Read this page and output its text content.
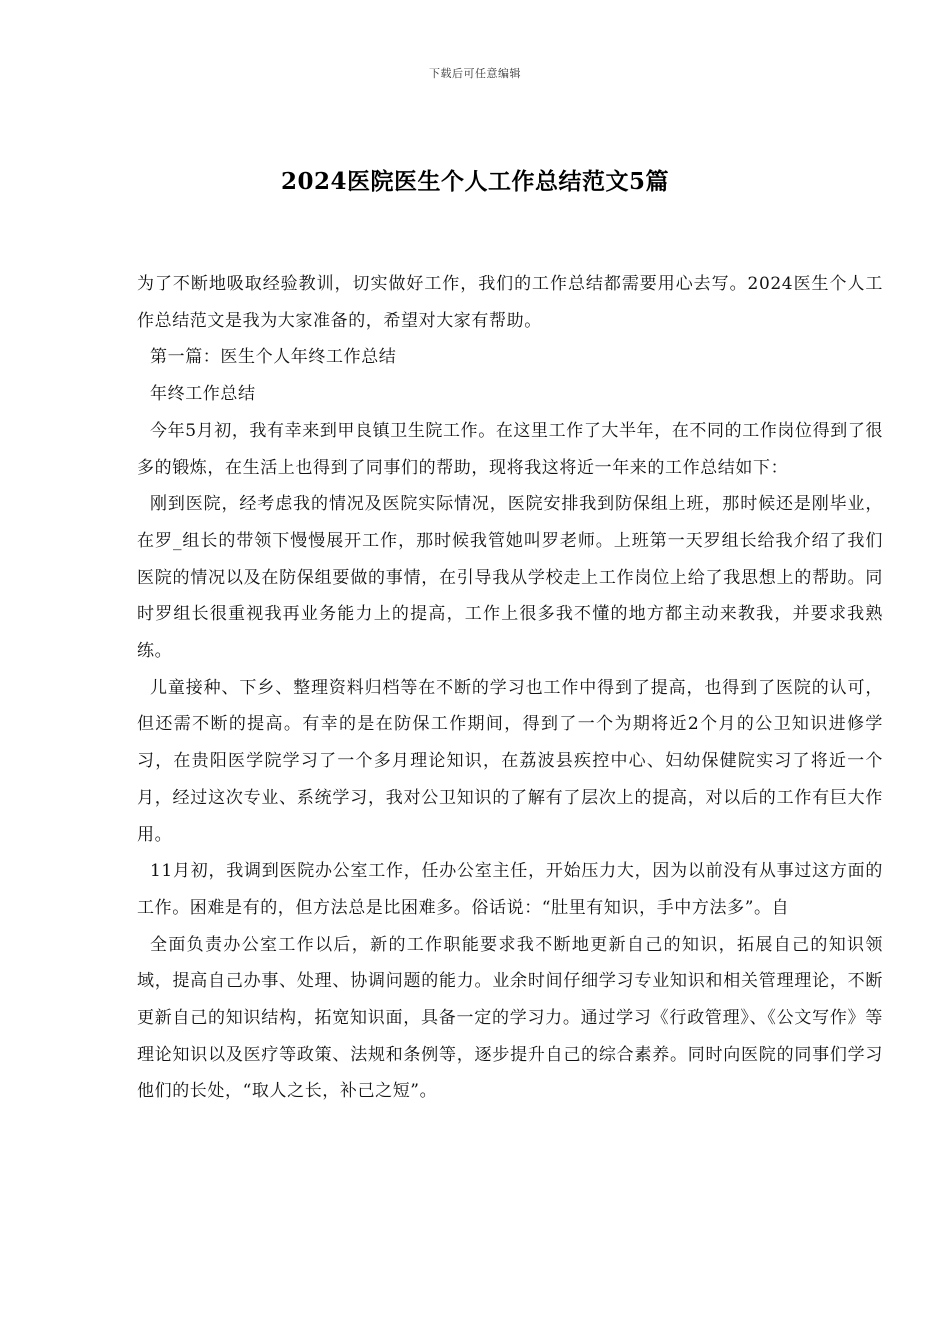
下载后可任意编辑
2024医院医生个人工作总结范文5篇

为了不断地吸取经验教训，切实做好工作，我们的工作总结都需要用心去写。2024医生个人工作总结范文是我为大家准备的，希望对大家有帮助。

第一篇：医生个人年终工作总结

年终工作总结

今年5月初，我有幸来到甲良镇卫生院工作。在这里工作了大半年，在不同的工作岗位得到了很多的锻炼，在生活上也得到了同事们的帮助，现将我这将近一年来的工作总结如下：

刚到医院，经考虑我的情况及医院实际情况，医院安排我到防保组上班，那时候还是刚毕业，在罗_组长的带领下慢慢展开工作，那时候我管她叫罗老师。上班第一天罗组长给我介绍了我们医院的情况以及在防保组要做的事情，在引导我从学校走上工作岗位上给了我思想上的帮助。同时罗组长很重视我再业务能力上的提高，工作上很多我不懂的地方都主动来教我，并要求我熟练。

儿童接种、下乡、整理资料归档等在不断的学习也工作中得到了提高，也得到了医院的认可，但还需不断的提高。有幸的是在防保工作期间，得到了一个为期将近2个月的公卫知识进修学习，在贵阳医学院学习了一个多月理论知识，在荔波县疾控中心、妇幼保健院实习了将近一个月，经过这次专业、系统学习，我对公卫知识的了解有了层次上的提高，对以后的工作有巨大作用。

11月初，我调到医院办公室工作，任办公室主任，开始压力大，因为以前没有从事过这方面的工作。困难是有的，但方法总是比困难多。俗话说：“肚里有知识，手中方法多”。自

全面负责办公室工作以后，新的工作职能要求我不断地更新自己的知识，拓展自己的知识领域，提高自己办事、处理、协调问题的能力。业余时间仔细学习专业知识和相关管理理论，不断更新自己的知识结构，拓宽知识面，具备一定的学习力。通过学习《行政管理》、《公文写作》等理论知识以及医疗等政策、法规和条例等，逐步提升自己的综合素养。同时向医院的同事们学习他们的长处，“取人之长，补己之短”。
